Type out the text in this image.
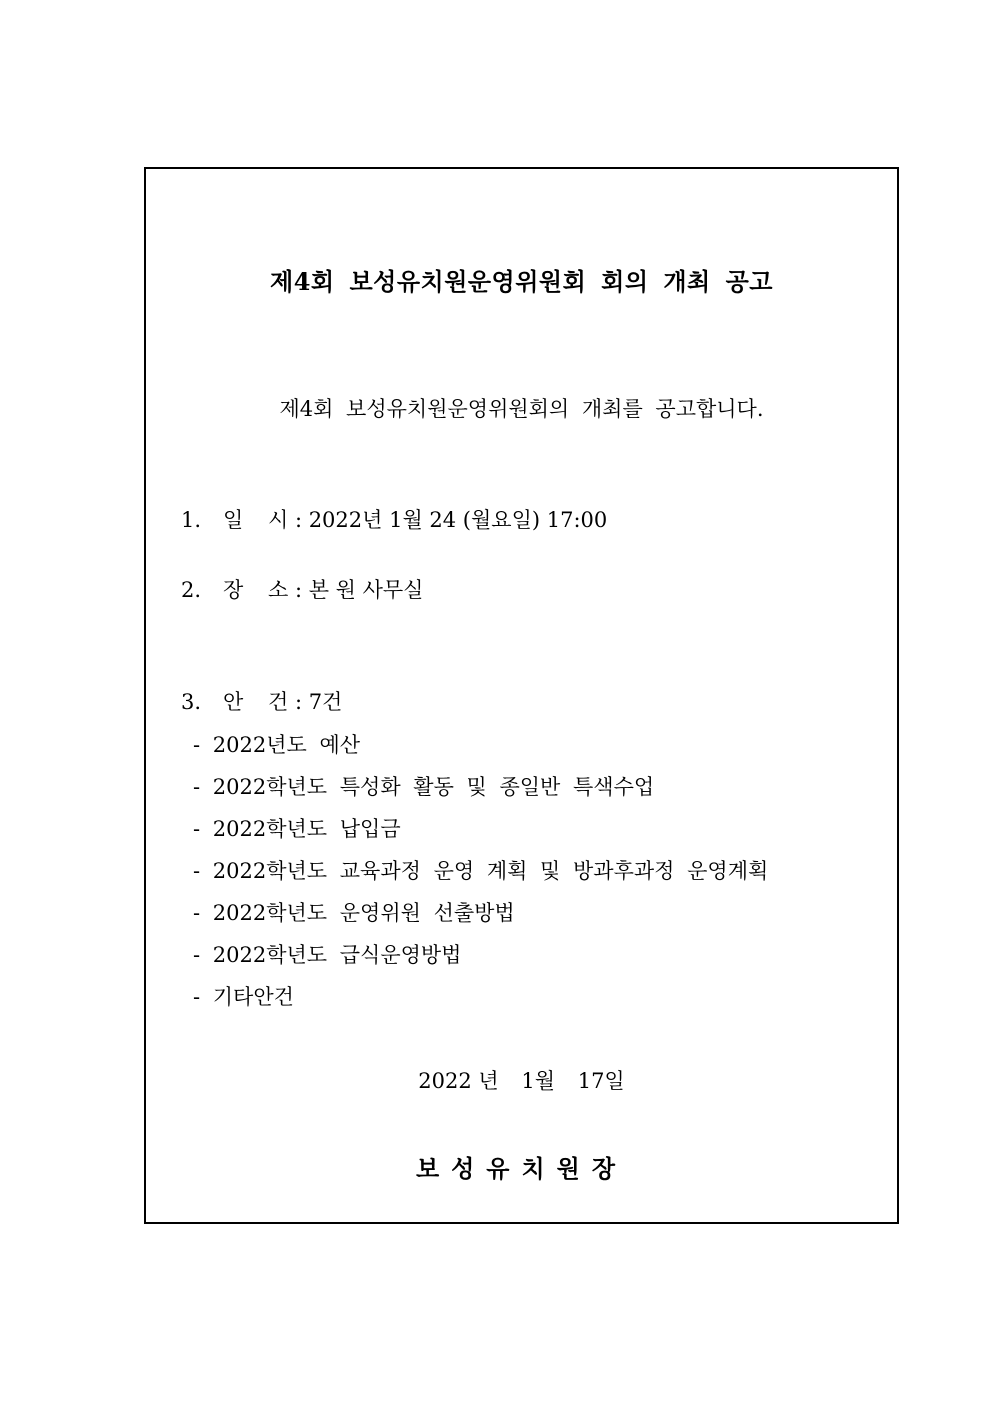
제4회 보성유치원운영위원회 회의 개최 공고
제4회 보성유치원운영위원회의 개최를 공고합니다.
1. 일 시 : 2022년 1월 24 (월요일) 17:00
2. 장 소 : 본 원 사무실
3. 안 건 : 7건
- 2022년도 예산
- 2022학년도 특성화 활동 및 종일반 특색수업
- 2022학년도 납입금
- 2022학년도 교육과정 운영 계획 및 방과후과정 운영계획
- 2022학년도 운영위원 선출방법
- 2022학년도 급식운영방법
- 기타안건
2022 년 1월 17일
보성유치원장
